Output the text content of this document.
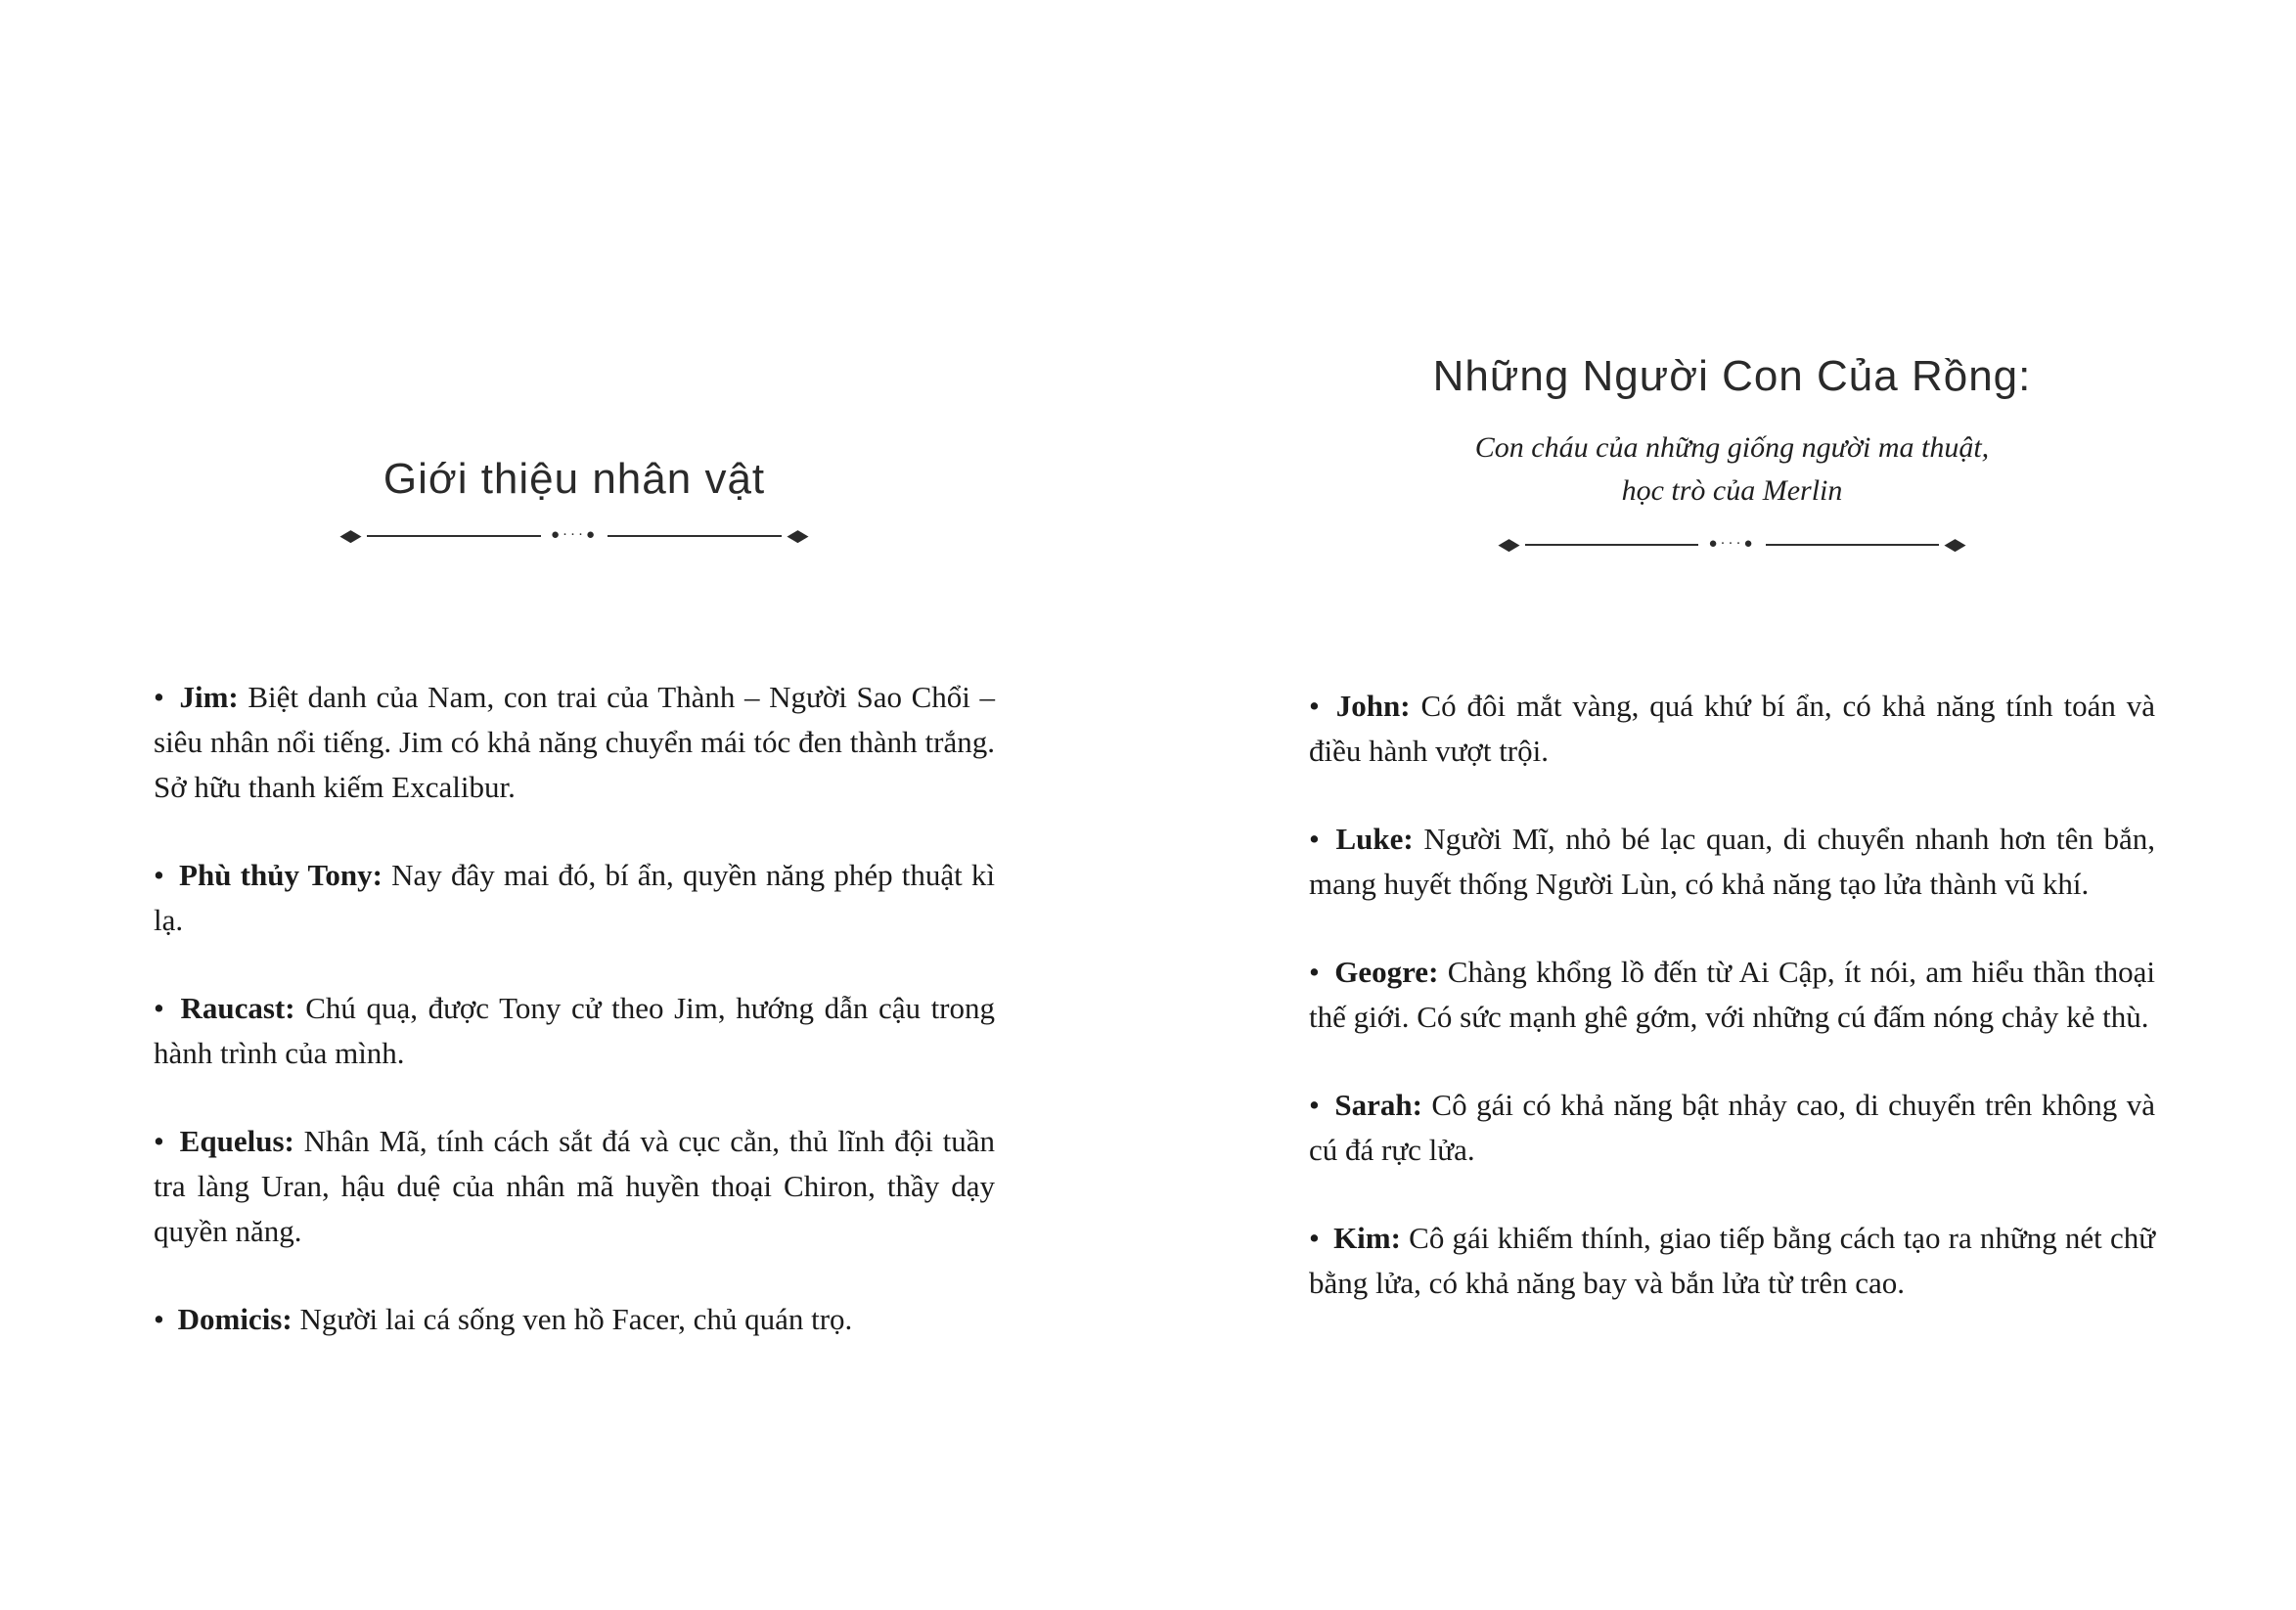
Giới thiệu nhân vật
◆	●···●	◆

• Jim: Biệt danh của Nam, con trai của Thành – Người Sao Chổi – siêu nhân nổi tiếng. Jim có khả năng chuyển mái tóc đen thành trắng. Sở hữu thanh kiếm Excalibur.

• Phù thủy Tony: Nay đây mai đó, bí ẩn, quyền năng phép thuật kì lạ.

• Raucast: Chú quạ, được Tony cử theo Jim, hướng dẫn cậu trong hành trình của mình.

• Equelus: Nhân Mã, tính cách sắt đá và cục cằn, thủ lĩnh đội tuần tra làng Uran, hậu duệ của nhân mã huyền thoại Chiron, thầy dạy quyền năng.

• Domicis: Người lai cá sống ven hồ Facer, chủ quán trọ.

Những Người Con Của Rồng:
Con cháu của những giống người ma thuật,
học trò của Merlin
◆	●···●	◆

• John: Có đôi mắt vàng, quá khứ bí ẩn, có khả năng tính toán và điều hành vượt trội.

• Luke: Người Mĩ, nhỏ bé lạc quan, di chuyển nhanh hơn tên bắn, mang huyết thống Người Lùn, có khả năng tạo lửa thành vũ khí.

• Geogre: Chàng khổng lồ đến từ Ai Cập, ít nói, am hiểu thần thoại thế giới. Có sức mạnh ghê gớm, với những cú đấm nóng chảy kẻ thù.

• Sarah: Cô gái có khả năng bật nhảy cao, di chuyển trên không và cú đá rực lửa.

• Kim: Cô gái khiếm thính, giao tiếp bằng cách tạo ra những nét chữ bằng lửa, có khả năng bay và bắn lửa từ trên cao.
